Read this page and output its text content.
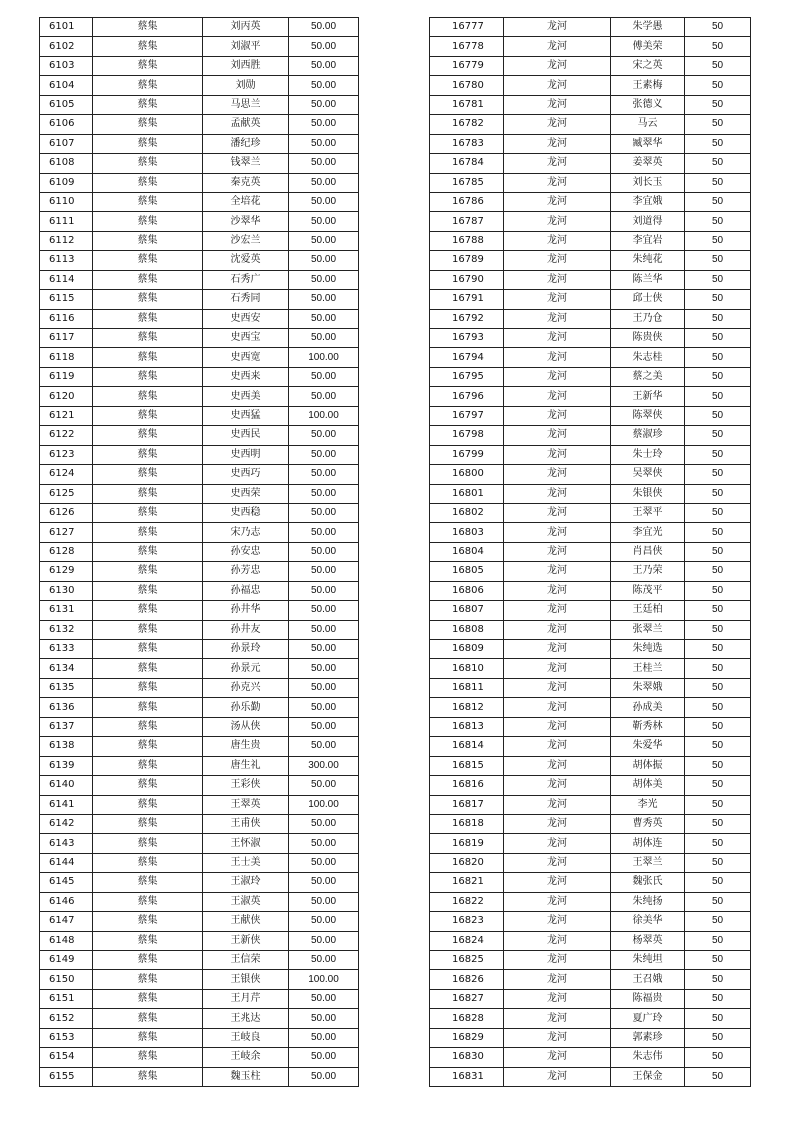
6101	蔡集	刘丙英	50.00
6102	蔡集	刘淑平	50.00
6103	蔡集	刘西胜	50.00
6104	蔡集	刘勋	50.00
6105	蔡集	马思兰	50.00
6106	蔡集	孟献英	50.00
6107	蔡集	潘纪珍	50.00
6108	蔡集	钱翠兰	50.00
6109	蔡集	秦克英	50.00
6110	蔡集	全培花	50.00
6111	蔡集	沙翠华	50.00
6112	蔡集	沙宏兰	50.00
6113	蔡集	沈爱英	50.00
6114	蔡集	石秀广	50.00
6115	蔡集	石秀同	50.00
6116	蔡集	史西安	50.00
6117	蔡集	史西宝	50.00
6118	蔡集	史西宽	100.00
6119	蔡集	史西来	50.00
6120	蔡集	史西美	50.00
6121	蔡集	史西猛	100.00
6122	蔡集	史西民	50.00
6123	蔡集	史西明	50.00
6124	蔡集	史西巧	50.00
6125	蔡集	史西荣	50.00
6126	蔡集	史西稳	50.00
6127	蔡集	宋乃志	50.00
6128	蔡集	孙安忠	50.00
6129	蔡集	孙芳忠	50.00
6130	蔡集	孙福忠	50.00
6131	蔡集	孙井华	50.00
6132	蔡集	孙井友	50.00
6133	蔡集	孙景玲	50.00
6134	蔡集	孙景元	50.00
6135	蔡集	孙克兴	50.00
6136	蔡集	孙乐勤	50.00
6137	蔡集	汤从侠	50.00
6138	蔡集	唐生贵	50.00
6139	蔡集	唐生礼	300.00
6140	蔡集	王彩侠	50.00
6141	蔡集	王翠英	100.00
6142	蔡集	王甫侠	50.00
6143	蔡集	王怀淑	50.00
6144	蔡集	王士美	50.00
6145	蔡集	王淑玲	50.00
6146	蔡集	王淑英	50.00
6147	蔡集	王献侠	50.00
6148	蔡集	王新侠	50.00
6149	蔡集	王信荣	50.00
6150	蔡集	王银侠	100.00
6151	蔡集	王月芹	50.00
6152	蔡集	王兆达	50.00
6153	蔡集	王岐良	50.00
6154	蔡集	王岐余	50.00
6155	蔡集	魏玉柱	50.00
16777	龙河	朱学愚	50
16778	龙河	傅美荣	50
16779	龙河	宋之英	50
16780	龙河	王素梅	50
16781	龙河	张德义	50
16782	龙河	马云	50
16783	龙河	臧翠华	50
16784	龙河	姜翠英	50
16785	龙河	刘长玉	50
16786	龙河	李宜娥	50
16787	龙河	刘道得	50
16788	龙河	李宜岩	50
16789	龙河	朱纯花	50
16790	龙河	陈兰华	50
16791	龙河	邱士侠	50
16792	龙河	王乃仓	50
16793	龙河	陈贵侠	50
16794	龙河	朱志桂	50
16795	龙河	蔡之美	50
16796	龙河	王新华	50
16797	龙河	陈翠侠	50
16798	龙河	蔡淑珍	50
16799	龙河	朱士玲	50
16800	龙河	吴翠侠	50
16801	龙河	朱银侠	50
16802	龙河	王翠平	50
16803	龙河	李宜光	50
16804	龙河	肖昌侠	50
16805	龙河	王乃荣	50
16806	龙河	陈茂平	50
16807	龙河	王廷柏	50
16808	龙河	张翠兰	50
16809	龙河	朱纯选	50
16810	龙河	王桂兰	50
16811	龙河	朱翠娥	50
16812	龙河	孙成美	50
16813	龙河	靳秀林	50
16814	龙河	朱爱华	50
16815	龙河	胡体振	50
16816	龙河	胡体美	50
16817	龙河	李光	50
16818	龙河	曹秀英	50
16819	龙河	胡体连	50
16820	龙河	王翠兰	50
16821	龙河	魏张氏	50
16822	龙河	朱纯扬	50
16823	龙河	徐美华	50
16824	龙河	杨翠英	50
16825	龙河	朱纯坦	50
16826	龙河	王召娥	50
16827	龙河	陈福贵	50
16828	龙河	夏广玲	50
16829	龙河	郭素珍	50
16830	龙河	朱志伟	50
16831	龙河	王保金	50
